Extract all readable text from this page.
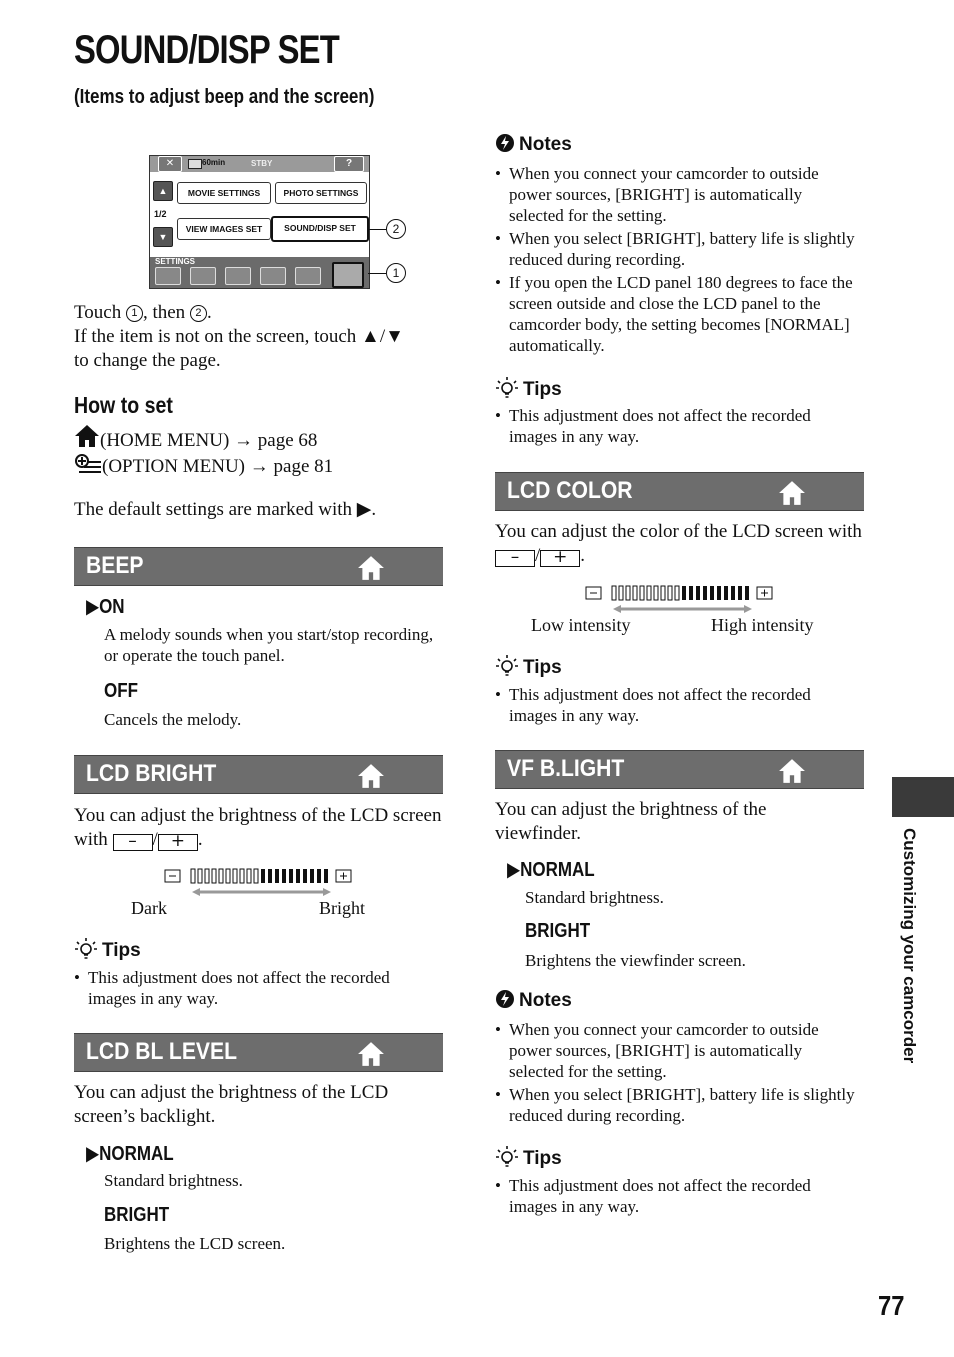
SOUND/DISP SET
(Items to adjust beep and the screen)
✕	60min	STBY	?
▲
1/2
▼
MOVIE SETTINGS	PHOTO SETTINGS
VIEW IMAGES SET	SOUND/DISP SET
SETTINGS
2
1
Touch 1 , then 2 .
If the item is not on the screen, touch ▲/▼
to change the page.
How to set
(HOME MENU) → page 68
(OPTION MENU) → page 81
The default settings are marked with ▶.
BEEP
▶ON
A melody sounds when you start/stop recording, or operate the touch panel.
OFF
Cancels the melody.
LCD BRIGHT
You can adjust the brightness of the LCD screen with – / + .
Dark	Bright
Tips
• This adjustment does not affect the recorded images in any way.
LCD BL LEVEL
You can adjust the brightness of the LCD screen’s backlight.
▶NORMAL
Standard brightness.
BRIGHT
Brightens the LCD screen.
Notes
• When you connect your camcorder to outside power sources, [BRIGHT] is automatically selected for the setting.
• When you select [BRIGHT], battery life is slightly reduced during recording.
• If you open the LCD panel 180 degrees to face the screen outside and close the LCD panel to the camcorder body, the setting becomes [NORMAL] automatically.
Tips
• This adjustment does not affect the recorded images in any way.
LCD COLOR
You can adjust the color of the LCD screen with – / + .
Low intensity	High intensity
Tips
• This adjustment does not affect the recorded images in any way.
VF B.LIGHT
You can adjust the brightness of the viewfinder.
▶NORMAL
Standard brightness.
BRIGHT
Brightens the viewfinder screen.
Notes
• When you connect your camcorder to outside power sources, [BRIGHT] is automatically selected for the setting.
• When you select [BRIGHT], battery life is slightly reduced during recording.
Tips
• This adjustment does not affect the recorded images in any way.
Customizing your camcorder
77
